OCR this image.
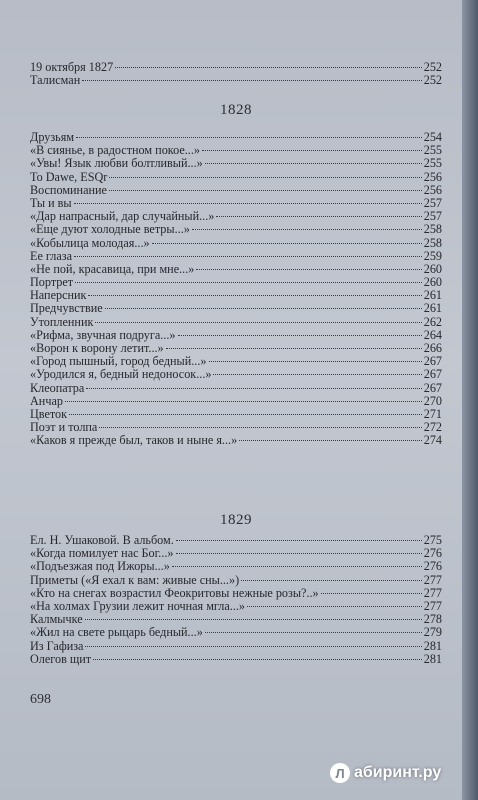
19 октября 1827	252
Талисман	252
1828
Друзьям	254
«В сиянье, в радостном покое...»	255
«Увы! Язык любви болтливый...»	255
To Dawe, ESQr	256
Воспоминание	256
Ты и вы	257
«Дар напрасный, дар случайный...»	257
«Еще дуют холодные ветры...»	258
«Кобылица молодая...»	258
Ее глаза	259
«Не пой, красавица, при мне...»	260
Портрет	260
Наперсник	261
Предчувствие	261
Утопленник	262
«Рифма, звучная подруга...»	264
«Ворон к ворону летит...»	266
«Город пышный, город бедный...»	267
«Уродился я, бедный недоносок...»	267
Клеопатра	267
Анчар	270
Цветок	271
Поэт и толпа	272
«Каков я прежде был, таков и ныне я...»	274
1829
Ел. Н. Ушаковой. В альбом.	275
«Когда помилует нас Бог...»	276
«Подъезжая под Ижоры...»	276
Приметы («Я ехал к вам: живые сны...»)	277
«Кто на снегах возрастил Феокритовы нежные розы?..»	277
«На холмах Грузии лежит ночная мгла...»	277
Калмычке	278
«Жил на свете рыцарь бедный...»	279
Из Гафиза	281
Олегов щит	281
698
Л абиринт.ру
